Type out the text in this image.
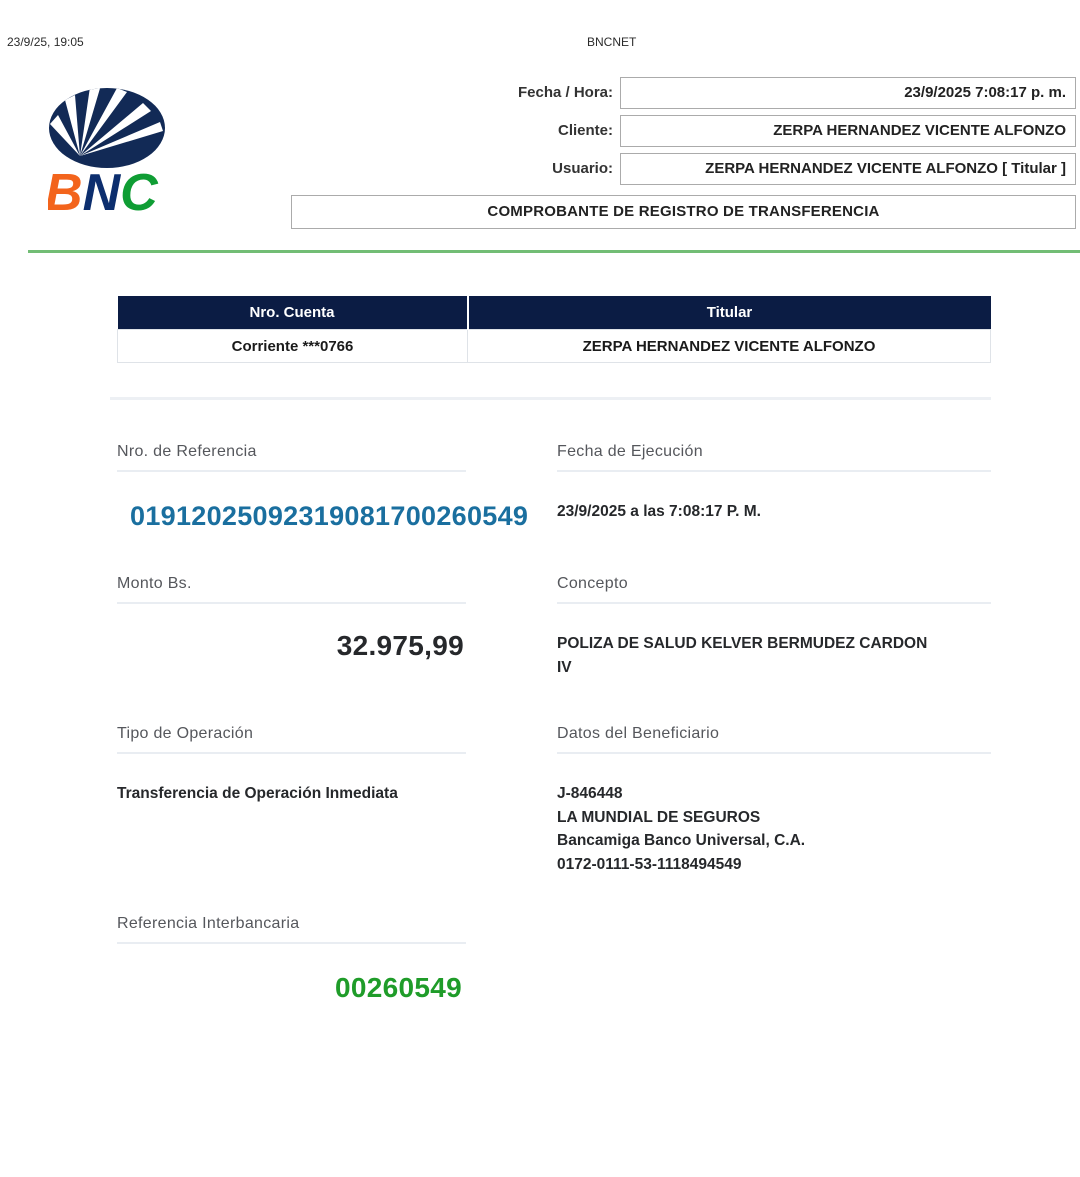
23/9/25, 19:05	BNCNET
BNC
Fecha / Hora:	23/9/2025 7:08:17 p. m.
Cliente:	ZERPA HERNANDEZ VICENTE ALFONZO
Usuario:	ZERPA HERNANDEZ VICENTE ALFONZO [ Titular ]
COMPROBANTE DE REGISTRO DE TRANSFERENCIA
Nro. Cuenta	Titular
Corriente ***0766	ZERPA HERNANDEZ VICENTE ALFONZO
Nro. de Referencia
01912025092319081700260549
Fecha de Ejecución
23/9/2025 a las 7:08:17 P. M.
Monto Bs.
32.975,99
Concepto
POLIZA DE SALUD KELVER BERMUDEZ CARDON
IV
Tipo de Operación
Transferencia de Operación Inmediata
Datos del Beneficiario
J-846448
LA MUNDIAL DE SEGUROS
Bancamiga Banco Universal, C.A.
0172-0111-53-1118494549
Referencia Interbancaria
00260549
